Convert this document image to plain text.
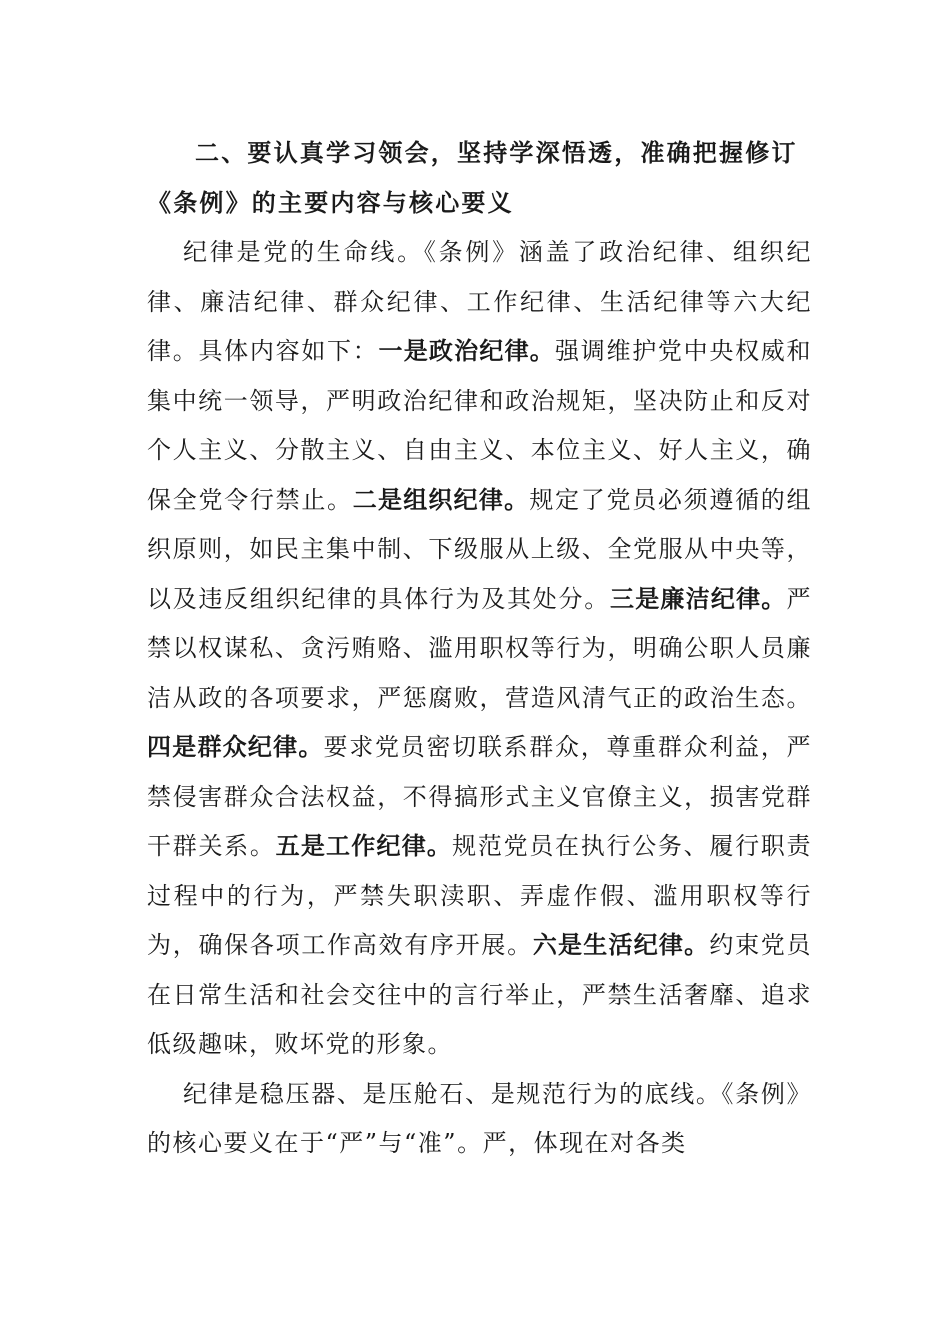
二、要认真学习领会，坚持学深悟透，准确把握修订《条例》的主要内容与核心要义

纪律是党的生命线。《条例》涵盖了政治纪律、组织纪律、廉洁纪律、群众纪律、工作纪律、生活纪律等六大纪律。具体内容如下：一是政治纪律。强调维护党中央权威和集中统一领导，严明政治纪律和政治规矩，坚决防止和反对个人主义、分散主义、自由主义、本位主义、好人主义，确保全党令行禁止。二是组织纪律。规定了党员必须遵循的组织原则，如民主集中制、下级服从上级、全党服从中央等，以及违反组织纪律的具体行为及其处分。三是廉洁纪律。严禁以权谋私、贪污贿赂、滥用职权等行为，明确公职人员廉洁从政的各项要求，严惩腐败，营造风清气正的政治生态。四是群众纪律。要求党员密切联系群众，尊重群众利益，严禁侵害群众合法权益，不得搞形式主义官僚主义，损害党群干群关系。五是工作纪律。规范党员在执行公务、履行职责过程中的行为，严禁失职渎职、弄虚作假、滥用职权等行为，确保各项工作高效有序开展。六是生活纪律。约束党员在日常生活和社会交往中的言行举止，严禁生活奢靡、追求低级趣味，败坏党的形象。

纪律是稳压器、是压舱石、是规范行为的底线。《条例》的核心要义在于“严”与“准”。严，体现在对各类
